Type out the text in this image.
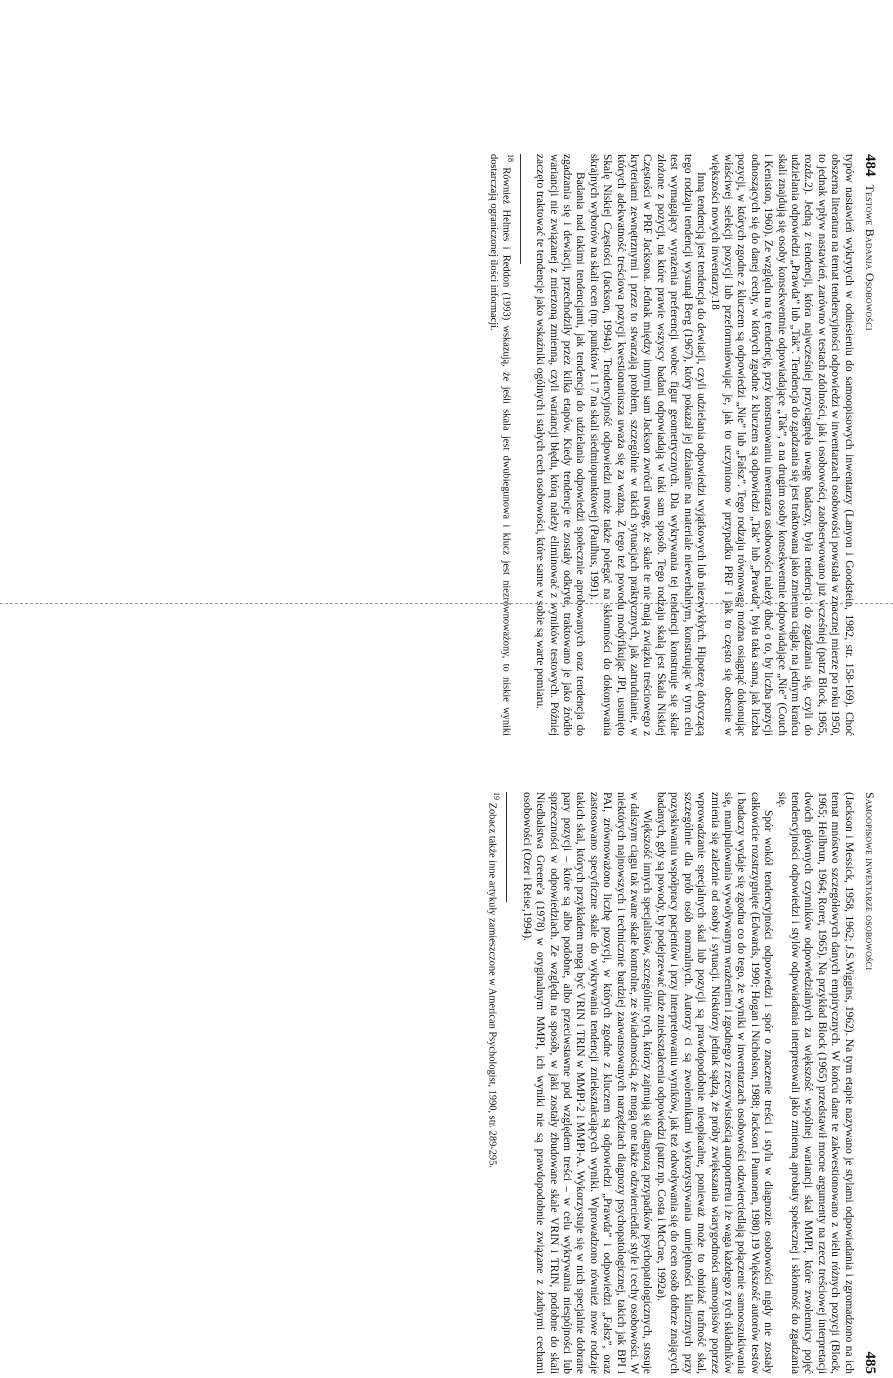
484
Testowe Badania Osobowości

typów nastawień wykrytych w odniesieniu do samoopisowych inwentarzy (Lanyon i Goodstein, 1982, str. 158-169). Choć obszerna literatura na temat tendencyjności odpowiedzi w inwentarzach osobowości powstała w znacznej mierze po roku 1950, to jednak wpływ nastawień, zarówno w testach zdolności, jak i osobowości, zaobserwowano już wcześniej (patrz Block, 1965, rozdz.2). Jedną z tendencji, która najwcześniej przyciągnęła uwagę badaczy, była tendencja do zgadzania się, czyli do udzielania odpowiedzi „Prawda” lub „Tak”. Tendencja do zgadzania się jest traktowana jako zmienna ciągła; na jednym krańcu skali znajdują się osoby konsekwentnie odpowiadające „Tak”, a na drugim osoby konsekwentnie odpowiadające „Nie” (Couch i Keniston, 1960). Ze względu na tę tendencję, przy konstruowaniu inwentarza osobowości należy dbać o to, by liczba pozycji odnoszących się do danej cechy, w których zgodne z kluczem są odpowiedzi „Tak” lub „Prawda”, była taka sama, jak liczba pozycji, w których zgodne z kluczem są odpowiedzi „Nie” lub „Fałsz”. Tego rodzaju równowagę można osiągnąć dokonując właściwej selekcji pozycji lub przeformułowując je, jak to uczyniono w przypadku PRF i jak to często się obecnie w większości nowych inwentarzy.18

Inną tendencją jest tendencja do dewiacji, czyli udzielania odpowiedzi wyjątkowych lub niezwykłych. Hipotezę dotyczącą tego rodzaju tendencji wysunął Berg (1967), który pokazał jej działanie na materiale niewerbalnym, konstruując w tym celu test wymagający wyrażenia preferencji wobec figur geometrycznych. Dla wykrywania tej tendencji konstruuje się skale złożone z pozycji, na które prawie wszyscy badani odpowiadają w taki sam sposób. Tego rodzaju skalą jest Skala Niskiej Częstości w PRF Jacksona. Jednak między innymi sam Jackson zwrócił uwagę, że skale te nie mają związku treściowego z kryteriami zewnętrznymi i przez to stwarzają problem, szczególnie w takich sytuacjach praktycznych, jak zatrudnianie, w których adekwatność treściowa pozycji kwestionariusza uważa się za ważną. Z tego też powodu modyfikując JPI, usunięto Skalę Niskiej Częstości (Jackson, 1994a). Tendencyjność odpowiedzi może także polegać na skłonności do dokonywania skrajnych wyborów na skali ocen (np. punktów 1 i 7 na skali siedmiopunktowej) (Paulhus, 1991).

Badania nad takimi tendencjami, jak tendencja do udzielania odpowiedzi społecznie aprobowanych oraz tendencja do zgadzania się i dewiacji, przechodziły przez kilka etapów. Kiedy tendencje te zostały odkryte, traktowano je jako źródło wariancji nie związanej z mierzoną zmienną, czyli wariancji błędu, którą należy eliminować z wyników testowych. Później zaczęto traktować te tendencje jako wskaźniki ogólnych i stałych cech osobowości, które same w sobie są warte pomiaru.

$^{18}$ Również Helmes i Reddon (1993) wskazują, że jeśli skala jest dwubiegunowa i klucz jest niezrównoważony, to niskie wyniki dostarczają ograniczonej ilości informacji.

485
Samoopisowe inwentarze osobowości

(Jackson i Messick, 1958, 1962; J.S.Wiggins, 1962). Na tym etapie nazywano je stylami odpowiadania i zgromadzono na ich temat mnóstwo szczegółowych danych empirycznych. W końcu dane te zakwestionowano z wielu różnych pozycji (Block, 1965; Heilbrun, 1964; Rorer, 1965). Na przykład Block (1965) przedstawił mocne argumenty na rzecz treściowej interpretacji dwóch głównych czynników odpowiedzialnych za większość wspólnej wariancji skal MMPI, które zwolennicy pojęć tendencyjności odpowiedzi i stylów odpowiadania interpretowali jako zmienną aprobaty społecznej i skłonność do zgadzania się.

Spór wokół tendencyjności odpowiedzi i spór o znaczenie treści i stylu w diagnozie osobowości nigdy nie zostały całkowicie rozstrzygnięte (Edwards, 1990; Hogan i Nicholson, 1988; Jackson i Paunonen, 1980).19 Większość autorów testów i badaczy wydaje się zgodna co do tego, że wyniki w inwentarzach osobowości odzwierciedlają połączenie samooszukiwania się, manipulowania wywoływanym wrażeniem i zgodnego z rzeczywistością autoportretu i że waga każdego z tych składników zmienia się zależnie od osoby i sytuacji. Niektórzy jednak sądzą, że próby zwiększania wiarygodności samoopisów poprzez wprowadzanie specjalnych skal lub pozycji są prawdopodobnie nieopłacalne, ponieważ może to obniżać trafność skal, szczególnie dla prób osób normalnych. Autorzy ci są zwolennikami wykorzystywania umiejętności klinicznych przy pozyskiwaniu współpracy pacjentów i przy interpretowaniu wyników, jak też odwoływania się do ocen osób dobrze znających badanych, gdy są powody, by podejrzewać duże zniekształcenia odpowiedzi (patrz np. Costa i McCrae, 1992a).

Większość innych specjalistów, szczególnie tych, którzy zajmują się diagnozą przypadków psychopatologicznych, stosuje w dalszym ciągu tak zwane skale kontrolne, ze świadomością, że mogą one także odzwierciedlać style i cechy osobowości. W niektórych najnowszych i technicznie bardziej zaawansowanych narzędziach diagnozy psychopatologicznej, takich jak BPI i PAI, zrównoważono liczbę pozycji, w których zgodne z kluczem są odpowiedzi „Prawda” i odpowiedzi „Fałsz”, oraz zastosowano specyficzne skale do wykrywania tendencji zniekształcających wyniki. Wprowadzono również nowe rodzaje takich skal, których przykładem mogą być VRIN i TRIN w MMPI-2 i MMPI-A. Wykorzystuje się w nich specjalnie dobrane pary pozycji – które są albo podobne, albo przeciwstawne pod względem treści – w celu wykrywania niespójności lub sprzeczności w odpowiedziach. Ze względu na sposób, w jaki zostały zbudowane skale VRIN i TRIN, podobne do skali Niedbalstwa Greene'a (1978) w oryginalnym MMPI, ich wyniki nie są prawdopodobnie związane z żadnymi cechami osobowości (Ozer i Reise,1994).

$^{19}$ Zobacz także inne artykuły zamieszczone w American Psychologist, 1990, str. 289-295.
